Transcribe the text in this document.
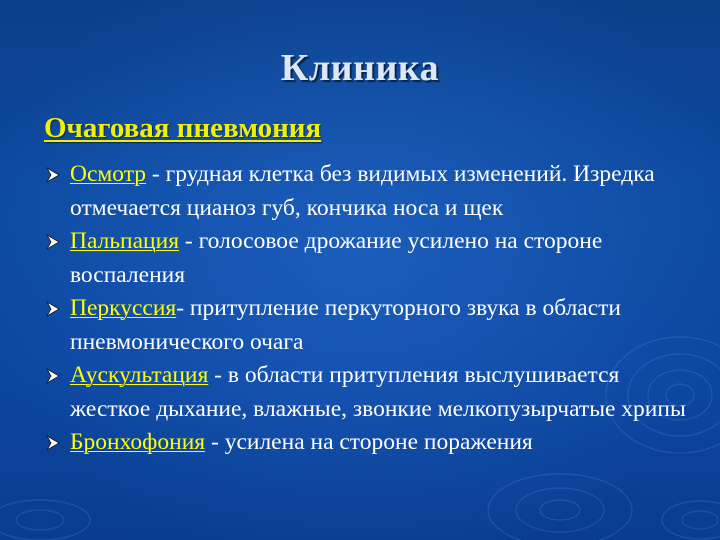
Клиника
Очаговая пневмония
Осмотр - грудная клетка без видимых изменений. Изредка отмечается цианоз губ, кончика носа и щек
Пальпация - голосовое дрожание усилено на стороне воспаления
Перкуссия- притупление перкуторного звука в области пневмонического очага
Аускультация - в области притупления выслушивается жесткое дыхание, влажные, звонкие мелкопузырчатые хрипы
Бронхофония - усилена на стороне поражения
